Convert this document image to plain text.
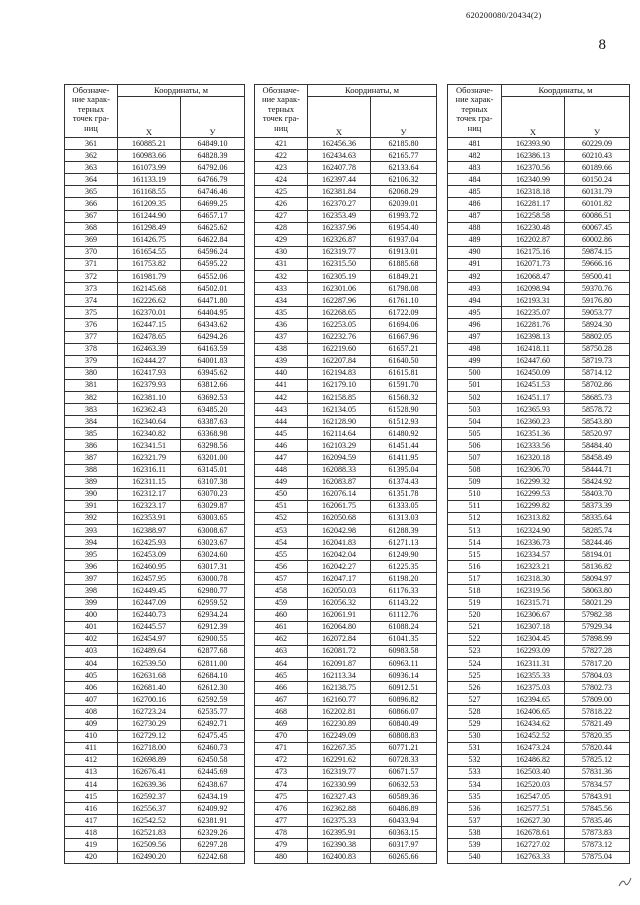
620200080/20434(2)
8
Обозначе-
ние харак-
терных
точек гра-
ниц	Координаты, м	
	X	У
361	160885.21	64849.10
362	160983.66	64828.39
363	161073.99	64792.06
364	161133.19	64766.79
365	161168.55	64746.46
366	161209.35	64699.25
367	161244.90	64657.17
368	161298.49	64625.62
369	161426.75	64622.84
370	161654.55	64596.24
371	161753.82	64595.22
372	161981.79	64552.06
373	162145.68	64502.01
374	162226.62	64471.80
375	162370.01	64404.95
376	162447.15	64343.62
377	162478.65	64294.26
378	162463.39	64163.59
379	162444.27	64001.83
380	162417.93	63945.62
381	162379.93	63812.66
382	162381.10	63692.53
383	162362.43	63485.20
384	162340.64	63387.63
385	162340.82	63368.98
386	162341.51	63298.56
387	162321.79	63201.00
388	162316.11	63145.01
389	162311.15	63107.38
390	162312.17	63070.23
391	162323.17	63029.87
392	162353.91	63003.65
393	162388.97	63008.67
394	162425.93	63023.67
395	162453.09	63024.60
396	162460.95	63017.31
397	162457.95	63000.78
398	162449.45	62980.77
399	162447.09	62959.52
400	162440.73	62934.24
401	162445.57	62912.39
402	162454.97	62900.55
403	162489.64	62877.68
404	162539.50	62811.00
405	162631.68	62684.10
406	162681.40	62612.30
407	162700.16	62592.59
408	162723.24	62535.77
409	162730.29	62492.71
410	162729.12	62475.45
411	162718.00	62460.73
412	162698.89	62450.58
413	162676.41	62445.69
414	162639.36	62438.67
415	162592.37	62434.19
416	162556.37	62409.92
417	162542.52	62381.91
418	162521.83	62329.26
419	162509.56	62297.28
420	162490.20	62242.68
Обозначе-
ние харак-
терных
точек гра-
ниц	Координаты, м	
	X	У
421	162456.36	62185.80
422	162434.63	62165.77
423	162407.78	62133.64
424	162397.44	62106.32
425	162381.84	62068.29
426	162370.27	62039.01
427	162353.49	61993.72
428	162337.96	61954.40
429	162326.87	61937.04
430	162319.77	61913.01
431	162315.50	61885.68
432	162305.19	61849.21
433	162301.06	61798.08
434	162287.96	61761.10
435	162268.65	61722.09
436	162253.05	61694.06
437	162232.76	61667.96
438	162219.60	61657.21
439	162207.84	61640.50
440	162194.83	61615.81
441	162179.10	61591.70
442	162158.85	61568.32
443	162134.05	61528.90
444	162128.90	61512.93
445	162114.64	61480.92
446	162103.29	61451.44
447	162094.59	61411.95
448	162088.33	61395.04
449	162083.87	61374.43
450	162076.14	61351.78
451	162061.75	61333.05
452	162050.68	61313.03
453	162042.98	61288.39
454	162041.83	61271.13
455	162042.04	61249.90
456	162042.27	61225.35
457	162047.17	61198.20
458	162050.03	61176.33
459	162056.32	61143.22
460	162061.91	61112.76
461	162064.80	61088.24
462	162072.84	61041.35
463	162081.72	60983.58
464	162091.87	60963.11
465	162113.34	60936.14
466	162138.75	60912.51
467	162160.77	60896.82
468	162202.81	60866.07
469	162230.89	60840.49
470	162249.09	60808.83
471	162267.35	60771.21
472	162291.62	60728.33
473	162319.77	60671.57
474	162330.99	60632.53
475	162327.43	60589.36
476	162362.88	60486.89
477	162375.33	60433.94
478	162395.91	60363.15
479	162390.38	60317.97
480	162400.83	60265.66
Обозначе-
ние харак-
терных
точек гра-
ниц	Координаты, м	
	X	У
481	162393.90	60229.09
482	162386.13	60210.43
483	162370.56	60189.66
484	162340.99	60150.24
485	162318.18	60131.79
486	162281.17	60101.82
487	162258.58	60086.51
488	162230.48	60067.45
489	162202.87	60002.86
490	162175.16	59874.15
491	162071.73	59666.16
492	162068.47	59500.41
493	162098.94	59370.76
494	162193.31	59176.80
495	162235.07	59053.77
496	162281.76	58924.30
497	162398.13	58802.05
498	162418.11	58750.28
499	162447.60	58719.73
500	162450.09	58714.12
501	162451.53	58702.86
502	162451.17	58685.73
503	162365.93	58578.72
504	162360.23	58543.80
505	162351.36	58520.97
506	162333.56	58484.40
507	162320.18	58458.49
508	162306.70	58444.71
509	162299.32	58424.92
510	162299.53	58403.70
511	162299.82	58373.39
512	162313.82	58335.64
513	162324.90	58285.74
514	162336.73	58244.46
515	162334.57	58194.01
516	162323.21	58136.82
517	162318.30	58094.97
518	162319.56	58063.80
519	162315.71	58021.29
520	162306.67	57982.38
521	162307.18	57929.34
522	162304.45	57898.99
523	162293.09	57827.28
524	162311.31	57817.20
525	162355.33	57804.03
526	162375.03	57802.73
527	162394.65	57809.00
528	162406.65	57818.22
529	162434.62	57821.49
530	162452.52	57820.35
531	162473.24	57820.44
532	162486.82	57825.12
533	162503.40	57831.36
534	162520.03	57834.57
535	162547.05	57843.91
536	162577.51	57845.56
537	162627.30	57835.46
538	162678.61	57873.83
539	162727.02	57873.12
540	162763.33	57875.04
